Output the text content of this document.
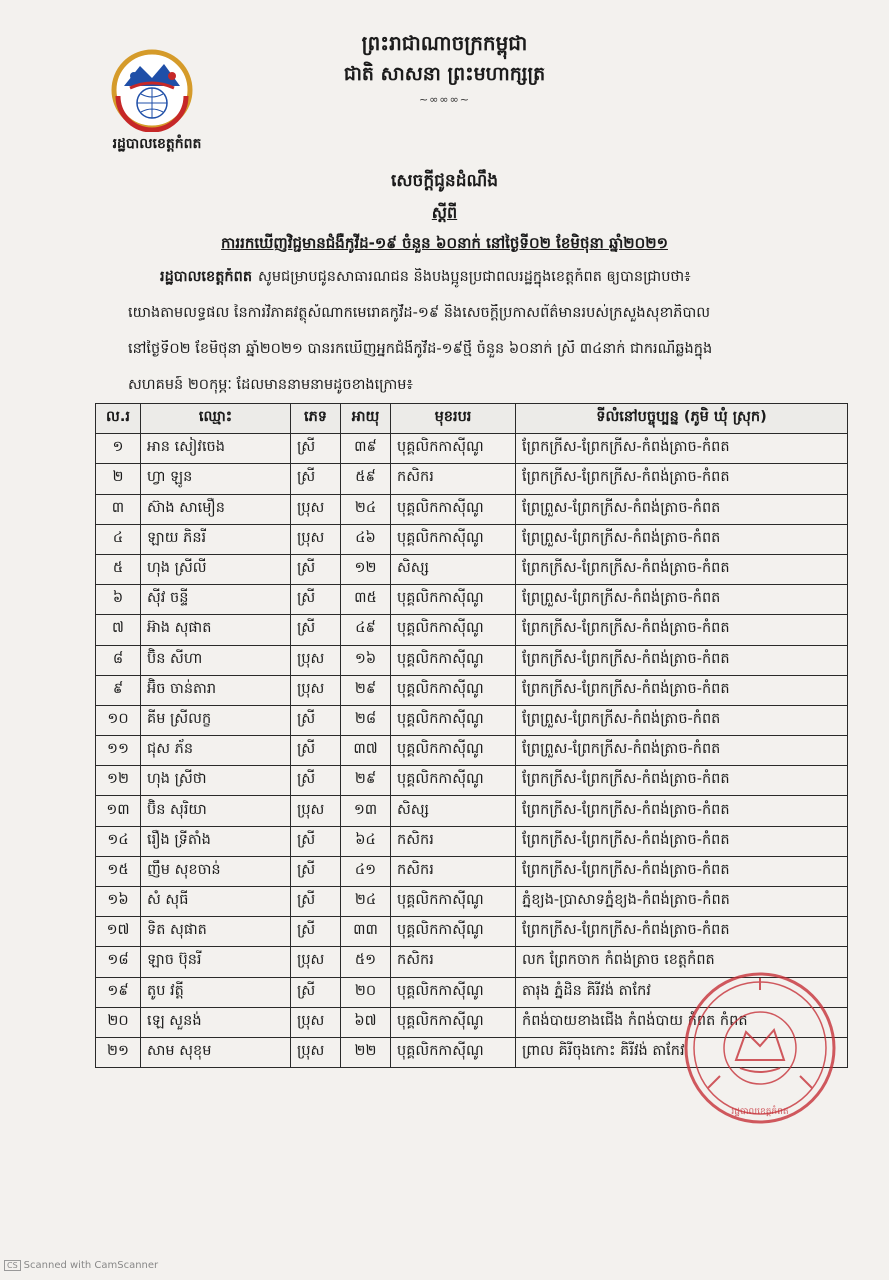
ព្រះរាជាណាចក្រកម្ពុជា
ជាតិ សាសនា ព្រះមហាក្សត្រ
~∞∞∞~
រដ្ឋបាលខេត្តកំពត
សេចក្តីជូនដំណឹង
ស្តីពី
ការរកឃើញវិជ្ជមានជំងឺកូវីដ-១៩ ចំនួន ៦០នាក់ នៅថ្ងៃទី០២ ខែមិថុនា ឆ្នាំ២០២១
រដ្ឋបាលខេត្តកំពត សូមជម្រាបជូនសាធារណជន និងបងប្អូនប្រជាពលរដ្ឋក្នុងខេត្តកំពត ឲ្យបានជ្រាបថា៖
យោងតាមលទ្ធផល នៃការវិភាគវត្ថុសំណាកមេរោគកូវីដ-១៩ និងសេចក្តីប្រកាសព័ត៌មានរបស់ក្រសួងសុខាភិបាល
នៅថ្ងៃទី០២ ខែមិថុនា ឆ្នាំ២០២១ បានរកឃើញអ្នកជំងឺកូវីដ-១៩ថ្មី ចំនួន ៦០នាក់ ស្រី ៣៤នាក់ ជាករណីឆ្លងក្នុង
សហគមន៍ ២០កុម្ភៈ ដែលមាននាមនាមដូចខាងក្រោម៖
ល.រ	ឈ្មោះ	ភេទ	អាយុ	មុខរបរ	ទីលំនៅបច្ចុប្បន្ន (ភូមិ ឃុំ ស្រុក)
១	អាន សៀវចេង	ស្រី	៣៩	បុគ្គលិកកាស៊ីណូ	ព្រែកក្រីស-ព្រែកក្រីស-កំពង់ត្រាច-កំពត
២	ហ្វា ឡូន	ស្រី	៥៩	កសិករ	ព្រែកក្រីស-ព្រែកក្រីស-កំពង់ត្រាច-កំពត
៣	ស៊ាង សាមឿន	ប្រុស	២៤	បុគ្គលិកកាស៊ីណូ	ព្រែព្រួស-ព្រែកក្រីស-កំពង់ត្រាច-កំពត
៤	ឡាយ ភិនរី	ប្រុស	៤៦	បុគ្គលិកកាស៊ីណូ	ព្រែព្រួស-ព្រែកក្រីស-កំពង់ត្រាច-កំពត
៥	ហុង ស្រីលី	ស្រី	១២	សិស្ស	ព្រែកក្រីស-ព្រែកក្រីស-កំពង់ត្រាច-កំពត
៦	ស៊ីវ ចន្ទី	ស្រី	៣៥	បុគ្គលិកកាស៊ីណូ	ព្រែព្រួស-ព្រែកក្រីស-កំពង់ត្រាច-កំពត
៧	អ៊ាង សុផាត	ស្រី	៤៩	បុគ្គលិកកាស៊ីណូ	ព្រែកក្រីស-ព្រែកក្រីស-កំពង់ត្រាច-កំពត
៨	ប៊ិន សីហា	ប្រុស	១៦	បុគ្គលិកកាស៊ីណូ	ព្រែកក្រីស-ព្រែកក្រីស-កំពង់ត្រាច-កំពត
៩	អ៊ិច ចាន់តារា	ប្រុស	២៩	បុគ្គលិកកាស៊ីណូ	ព្រែកក្រីស-ព្រែកក្រីស-កំពង់ត្រាច-កំពត
១០	គីម ស្រីលក្ខ	ស្រី	២៨	បុគ្គលិកកាស៊ីណូ	ព្រែព្រួស-ព្រែកក្រីស-កំពង់ត្រាច-កំពត
១១	ជុស ភ័ន	ស្រី	៣៧	បុគ្គលិកកាស៊ីណូ	ព្រែព្រួស-ព្រែកក្រីស-កំពង់ត្រាច-កំពត
១២	ហុង ស្រីថា	ស្រី	២៩	បុគ្គលិកកាស៊ីណូ	ព្រែកក្រីស-ព្រែកក្រីស-កំពង់ត្រាច-កំពត
១៣	ប៊ិន សុរិយា	ប្រុស	១៣	សិស្ស	ព្រែកក្រីស-ព្រែកក្រីស-កំពង់ត្រាច-កំពត
១៤	រឿង ទ្រីតាំង	ស្រី	៦៤	កសិករ	ព្រែកក្រីស-ព្រែកក្រីស-កំពង់ត្រាច-កំពត
១៥	ញឹម សុខចាន់	ស្រី	៤១	កសិករ	ព្រែកក្រីស-ព្រែកក្រីស-កំពង់ត្រាច-កំពត
១៦	សំ សុធី	ស្រី	២៤	បុគ្គលិកកាស៊ីណូ	ភ្នំខ្យង-ប្រាសាទភ្នំខ្យង-កំពង់ត្រាច-កំពត
១៧	ទិត សុផាត	ស្រី	៣៣	បុគ្គលិកកាស៊ីណូ	ព្រែកក្រីស-ព្រែកក្រីស-កំពង់ត្រាច-កំពត
១៨	ឡាច ប៊ុនរី	ប្រុស	៥១	កសិករ	លក ព្រែកចាក កំពង់ត្រាច ខេត្តកំពត
១៩	តូប វត្តី	ស្រី	២០	បុគ្គលិកកាស៊ីណូ	តារុង ភ្នំដិន គិរីវង់ តាកែវ
២០	ឡេ សួនង់	ប្រុស	៦៧	បុគ្គលិកកាស៊ីណូ	កំពង់បាយខាងជើង កំពង់បាយ កំពត កំពត
២១	សាម សុខុម	ប្រុស	២២	បុគ្គលិកកាស៊ីណូ	ព្រាល គិរីចុងកោះ គិរីវង់ តាកែវ
រដ្ឋបាលខេត្តកំពត
CS Scanned with CamScanner
